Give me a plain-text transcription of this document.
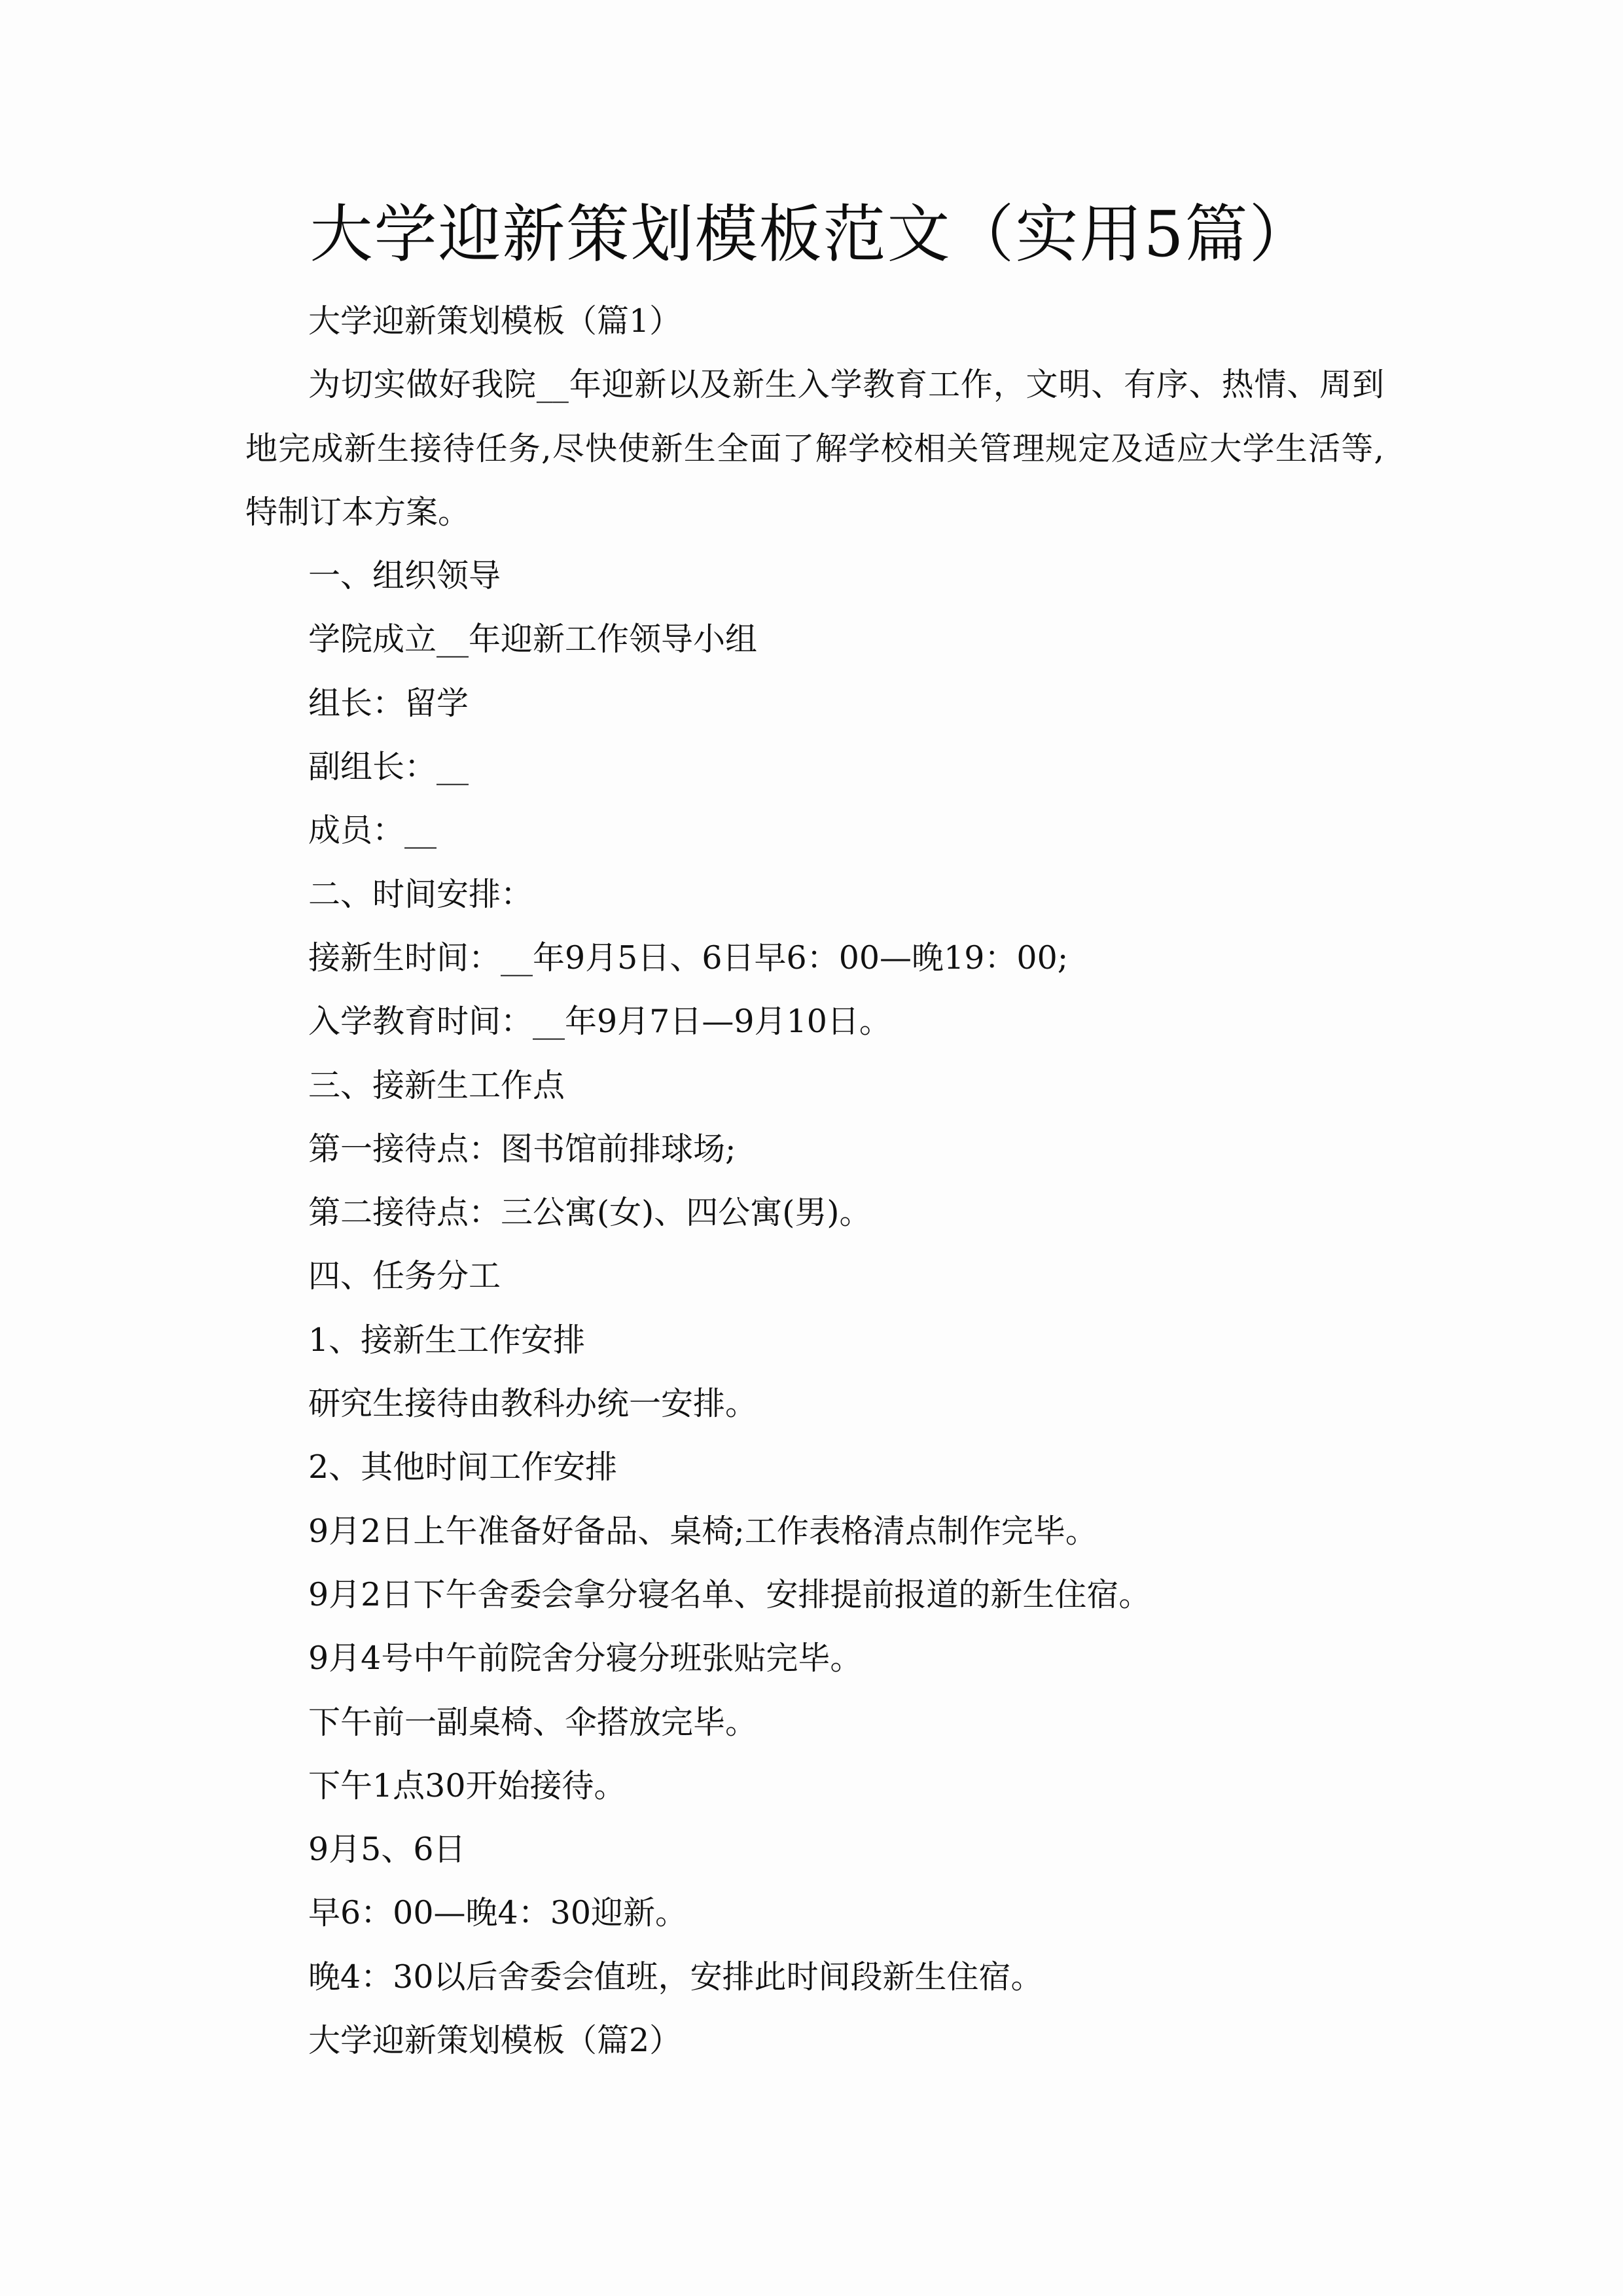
大学迎新策划模板范文（实用5篇）
大学迎新策划模板（篇1）
为切实做好我院__年迎新以及新生入学教育工作，文明、有序、热情、周到
地完成新生接待任务,尽快使新生全面了解学校相关管理规定及适应大学生活等,
特制订本方案。
一、组织领导
学院成立__年迎新工作领导小组
组长：留学
副组长：__
成员：__
二、时间安排：
接新生时间：__年9月5日、6日早6：00—晚19：00;
入学教育时间：__年9月7日—9月10日。
三、接新生工作点
第一接待点：图书馆前排球场;
第二接待点：三公寓(女)、四公寓(男)。
四、任务分工
1、接新生工作安排
研究生接待由教科办统一安排。
2、其他时间工作安排
9月2日上午准备好备品、桌椅;工作表格清点制作完毕。
9月2日下午舍委会拿分寝名单、安排提前报道的新生住宿。
9月4号中午前院舍分寝分班张贴完毕。
下午前一副桌椅、伞搭放完毕。
下午1点30开始接待。
9月5、6日
早6：00—晚4：30迎新。
晚4：30以后舍委会值班，安排此时间段新生住宿。
大学迎新策划模板（篇2）
